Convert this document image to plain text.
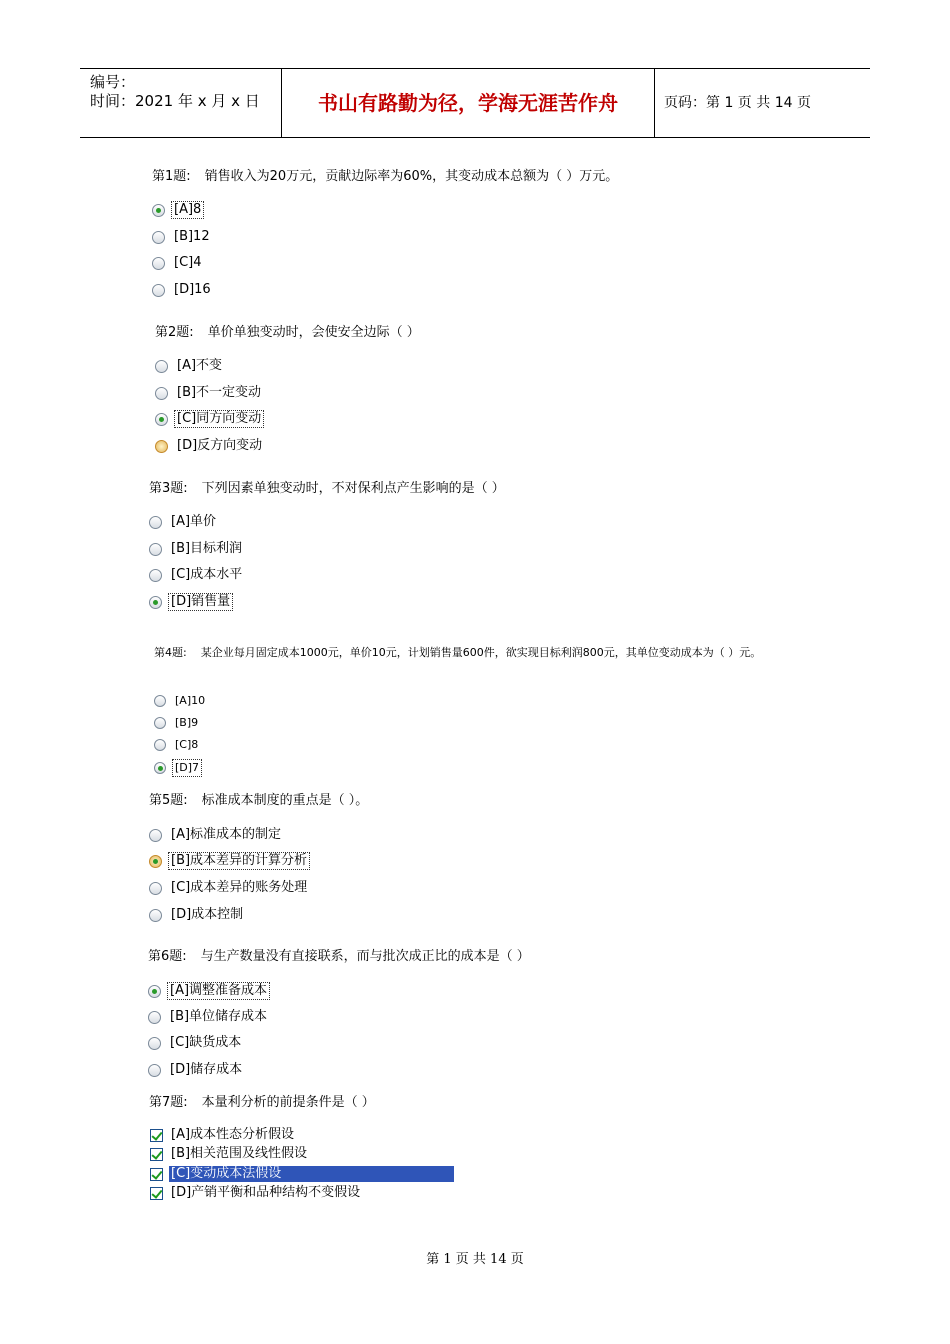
编号：
时间：2021 年 x 月 x 日	书山有路勤为径，学海无涯苦作舟	页码：第 1 页 共 14 页
第1题: 销售收入为20万元，贡献边际率为60%，其变动成本总额为（ ）万元。
[A]8
[B]12
[C]4
[D]16
第2题: 单价单独变动时，会使安全边际（ ）
[A]不变
[B]不一定变动
[C]同方向变动
[D]反方向变动
第3题: 下列因素单独变动时，不对保利点产生影响的是（ ）
[A]单价
[B]目标利润
[C]成本水平
[D]销售量
第4题: 某企业每月固定成本1000元，单价10元，计划销售量600件，欲实现目标利润800元，其单位变动成本为（ ）元。
[A]10
[B]9
[C]8
[D]7
第5题: 标准成本制度的重点是（ ）。
[A]标准成本的制定
[B]成本差异的计算分析
[C]成本差异的账务处理
[D]成本控制
第6题: 与生产数量没有直接联系，而与批次成正比的成本是（ ）
[A]调整准备成本
[B]单位储存成本
[C]缺货成本
[D]储存成本
第7题: 本量利分析的前提条件是（ ）
[A]成本性态分析假设
[B]相关范围及线性假设
[C]变动成本法假设
[D]产销平衡和品种结构不变假设
第 1 页 共 14 页
